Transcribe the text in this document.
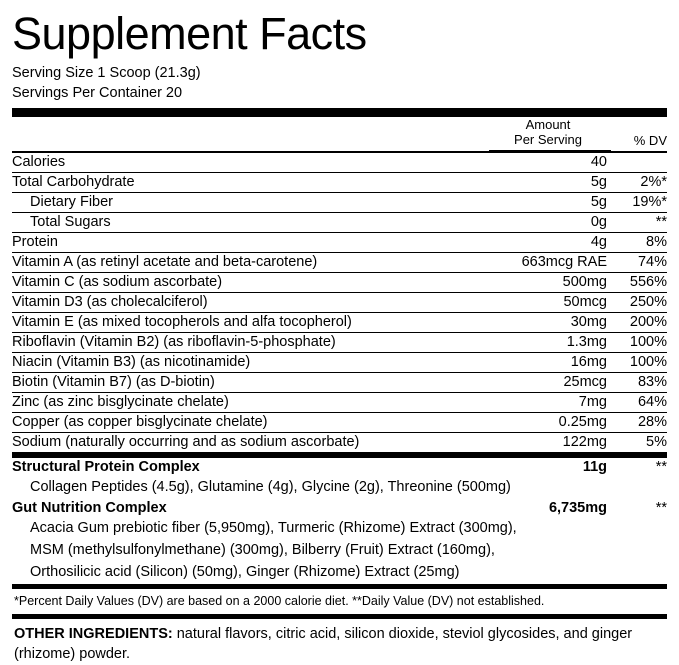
Supplement Facts
Serving Size 1 Scoop (21.3g)
Servings Per Container 20

Amount
Per Serving	% DV
Calories	40	
Total Carbohydrate	5g	2%*
Dietary Fiber	5g	19%*
Total Sugars	0g	**
Protein	4g	8%
Vitamin A (as retinyl acetate and beta-carotene)	663mcg RAE	74%
Vitamin C (as sodium ascorbate)	500mg	556%
Vitamin D3 (as cholecalciferol)	50mcg	250%
Vitamin E (as mixed tocopherols and alfa tocopherol)	30mg	200%
Riboflavin (Vitamin B2) (as riboflavin-5-phosphate)	1.3mg	100%
Niacin (Vitamin B3) (as nicotinamide)	16mg	100%
Biotin (Vitamin B7) (as D-biotin)	25mcg	83%
Zinc (as zinc bisglycinate chelate)	7mg	64%
Copper (as copper bisglycinate chelate)	0.25mg	28%
Sodium (naturally occurring and as sodium ascorbate)	122mg	5%
Structural Protein Complex	11g	**
Collagen Peptides (4.5g), Glutamine (4g), Glycine (2g), Threonine (500mg)		
Gut Nutrition Complex	6,735mg	**
Acacia Gum prebiotic fiber (5,950mg), Turmeric (Rhizome) Extract (300mg),		
MSM (methylsulfonylmethane) (300mg), Bilberry (Fruit) Extract (160mg),		
Orthosilicic acid (Silicon) (50mg), Ginger (Rhizome) Extract (25mg)		
*Percent Daily Values (DV) are based on a 2000 calorie diet. **Daily Value (DV) not established.
OTHER INGREDIENTS: natural flavors, citric acid, silicon dioxide, steviol glycosides, and ginger
(rhizome) powder.
